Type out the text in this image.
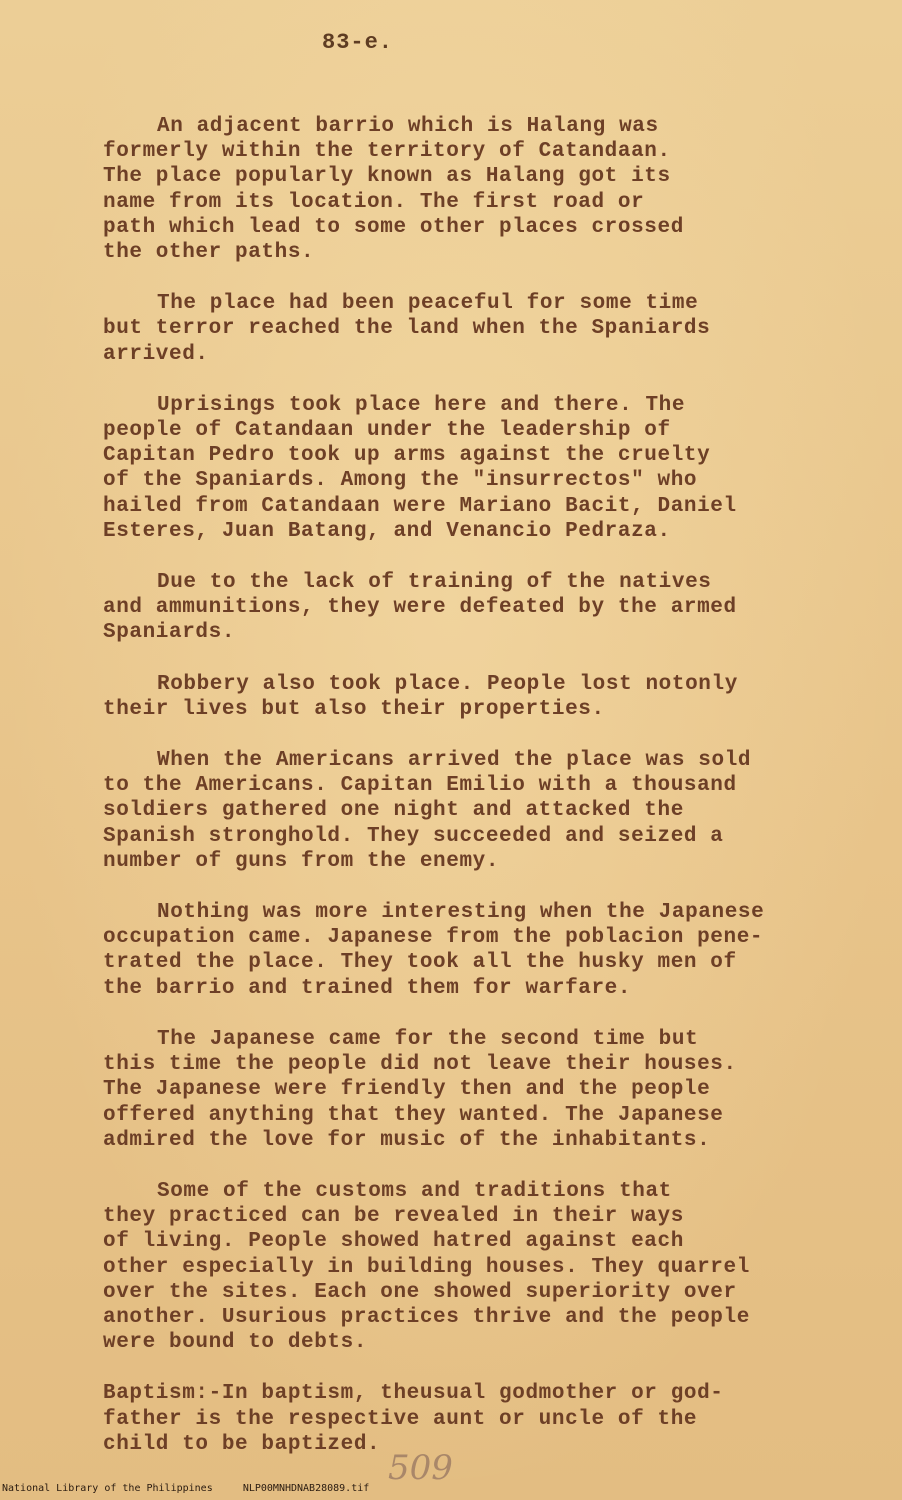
83-e.
An adjacent barrio which is Halang was
formerly within the territory of Catandaan.
The place popularly known as Halang got its
name from its location. The first road or
path which lead to some other places crossed
the other paths.
The place had been peaceful for some time
but terror reached the land when the Spaniards
arrived.
Uprisings took place here and there. The
people of Catandaan under the leadership of
Capitan Pedro took up arms against the cruelty
of the Spaniards. Among the "insurrectos" who
hailed from Catandaan were Mariano Bacit, Daniel
Esteres, Juan Batang, and Venancio Pedraza.
Due to the lack of training of the natives
and ammunitions, they were defeated by the armed
Spaniards.
Robbery also took place. People lost notonly
their lives but also their properties.
When the Americans arrived the place was sold
to the Americans. Capitan Emilio with a thousand
soldiers gathered one night and attacked the
Spanish stronghold. They succeeded and seized a
number of guns from the enemy.
Nothing was more interesting when the Japanese
occupation came. Japanese from the poblacion pene-
trated the place. They took all the husky men of
the barrio and trained them for warfare.
The Japanese came for the second time but
this time the people did not leave their houses.
The Japanese were friendly then and the people
offered anything that they wanted. The Japanese
admired the love for music of the inhabitants.
Some of the customs and traditions that
they practiced can be revealed in their ways
of living. People showed hatred against each
other especially in building houses. They quarrel
over the sites. Each one showed superiority over
another. Usurious practices thrive and the people
were bound to debts.
Baptism:-In baptism, theusual godmother or god-
father is the respective aunt or uncle of the
child to be baptized.
509
National Library of the Philippines	NLP00MNHDNAB28089.tif
